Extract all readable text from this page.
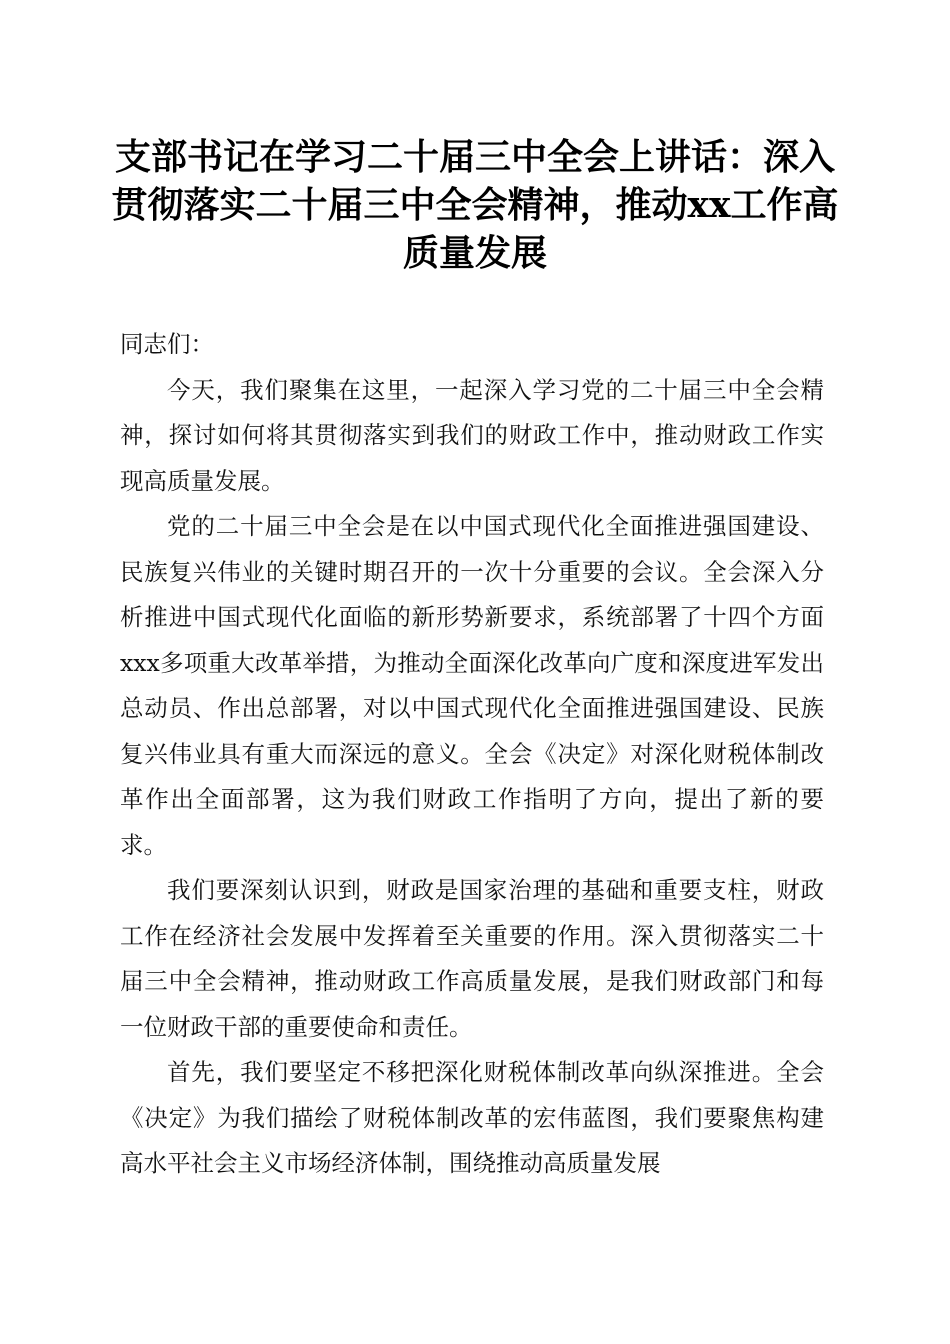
支部书记在学习二十届三中全会上讲话：深入贯彻落实二十届三中全会精神，推动xx工作高质量发展

同志们：

今天，我们聚集在这里，一起深入学习党的二十届三中全会精神，探讨如何将其贯彻落实到我们的财政工作中，推动财政工作实现高质量发展。

党的二十届三中全会是在以中国式现代化全面推进强国建设、民族复兴伟业的关键时期召开的一次十分重要的会议。全会深入分析推进中国式现代化面临的新形势新要求，系统部署了十四个方面xxx多项重大改革举措，为推动全面深化改革向广度和深度进军发出总动员、作出总部署，对以中国式现代化全面推进强国建设、民族复兴伟业具有重大而深远的意义。全会《决定》对深化财税体制改革作出全面部署，这为我们财政工作指明了方向，提出了新的要求。

我们要深刻认识到，财政是国家治理的基础和重要支柱，财政工作在经济社会发展中发挥着至关重要的作用。深入贯彻落实二十届三中全会精神，推动财政工作高质量发展，是我们财政部门和每一位财政干部的重要使命和责任。

首先，我们要坚定不移把深化财税体制改革向纵深推进。全会《决定》为我们描绘了财税体制改革的宏伟蓝图，我们要聚焦构建高水平社会主义市场经济体制，围绕推动高质量发展
